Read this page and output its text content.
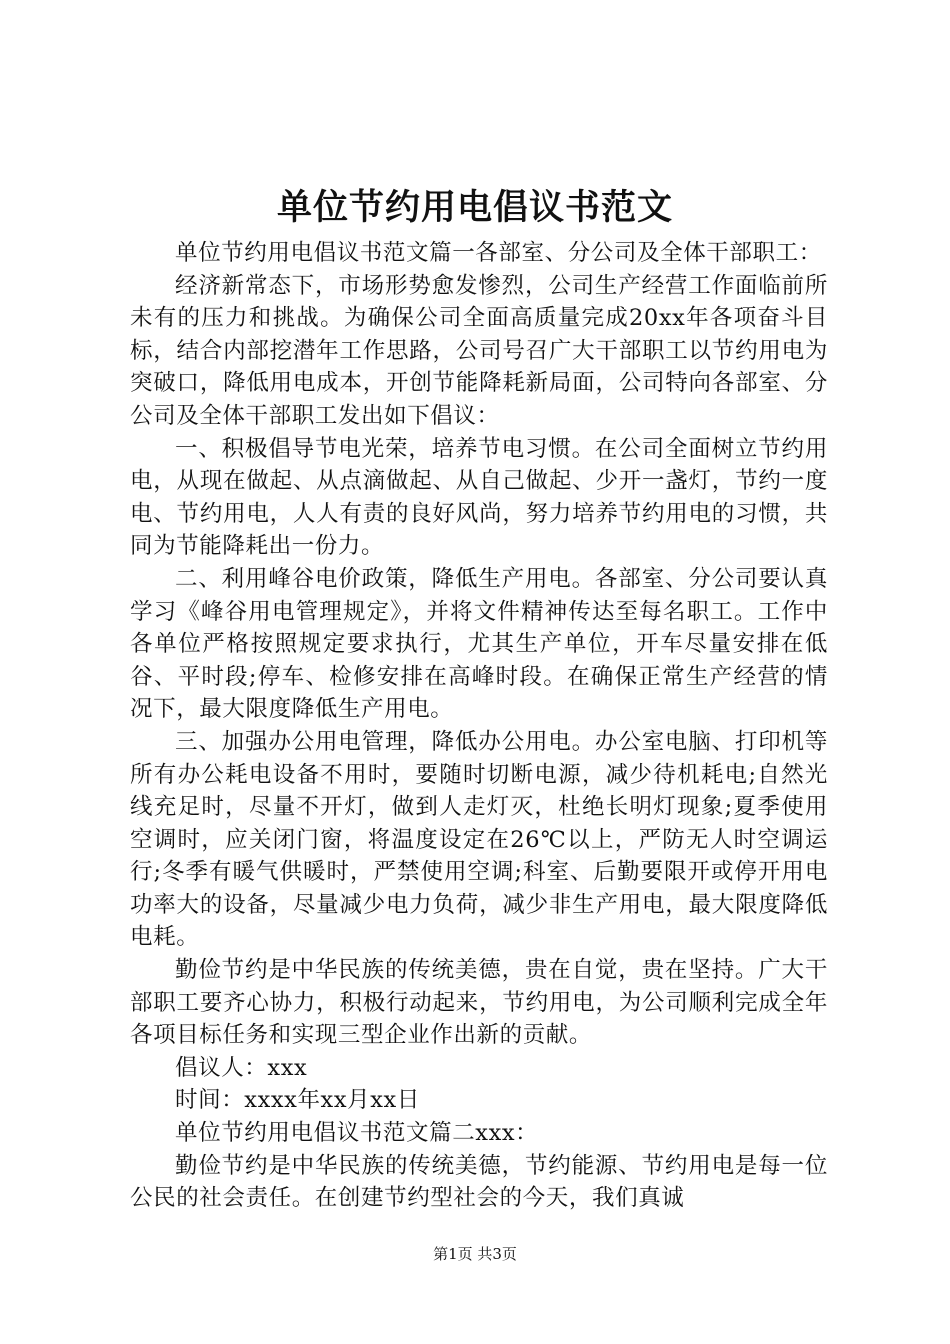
单位节约用电倡议书范文

单位节约用电倡议书范文篇一各部室、分公司及全体干部职工：

经济新常态下，市场形势愈发惨烈，公司生产经营工作面临前所未有的压力和挑战。为确保公司全面高质量完成20xx年各项奋斗目标，结合内部挖潜年工作思路，公司号召广大干部职工以节约用电为突破口，降低用电成本，开创节能降耗新局面，公司特向各部室、分公司及全体干部职工发出如下倡议：

一、积极倡导节电光荣，培养节电习惯。在公司全面树立节约用电，从现在做起、从点滴做起、从自己做起、少开一盏灯，节约一度电、节约用电，人人有责的良好风尚，努力培养节约用电的习惯，共同为节能降耗出一份力。

二、利用峰谷电价政策，降低生产用电。各部室、分公司要认真学习《峰谷用电管理规定》，并将文件精神传达至每名职工。工作中各单位严格按照规定要求执行，尤其生产单位，开车尽量安排在低谷、平时段;停车、检修安排在高峰时段。在确保正常生产经营的情况下，最大限度降低生产用电。

三、加强办公用电管理，降低办公用电。办公室电脑、打印机等所有办公耗电设备不用时，要随时切断电源，减少待机耗电;自然光线充足时，尽量不开灯，做到人走灯灭，杜绝长明灯现象;夏季使用空调时，应关闭门窗，将温度设定在26℃以上，严防无人时空调运行;冬季有暖气供暖时，严禁使用空调;科室、后勤要限开或停开用电功率大的设备，尽量减少电力负荷，减少非生产用电，最大限度降低电耗。

勤俭节约是中华民族的传统美德，贵在自觉，贵在坚持。广大干部职工要齐心协力，积极行动起来，节约用电，为公司顺利完成全年各项目标任务和实现三型企业作出新的贡献。

倡议人：xxx

时间：xxxx年xx月xx日

单位节约用电倡议书范文篇二xxx：

勤俭节约是中华民族的传统美德，节约能源、节约用电是每一位公民的社会责任。在创建节约型社会的今天，我们真诚

第1页 共3页
